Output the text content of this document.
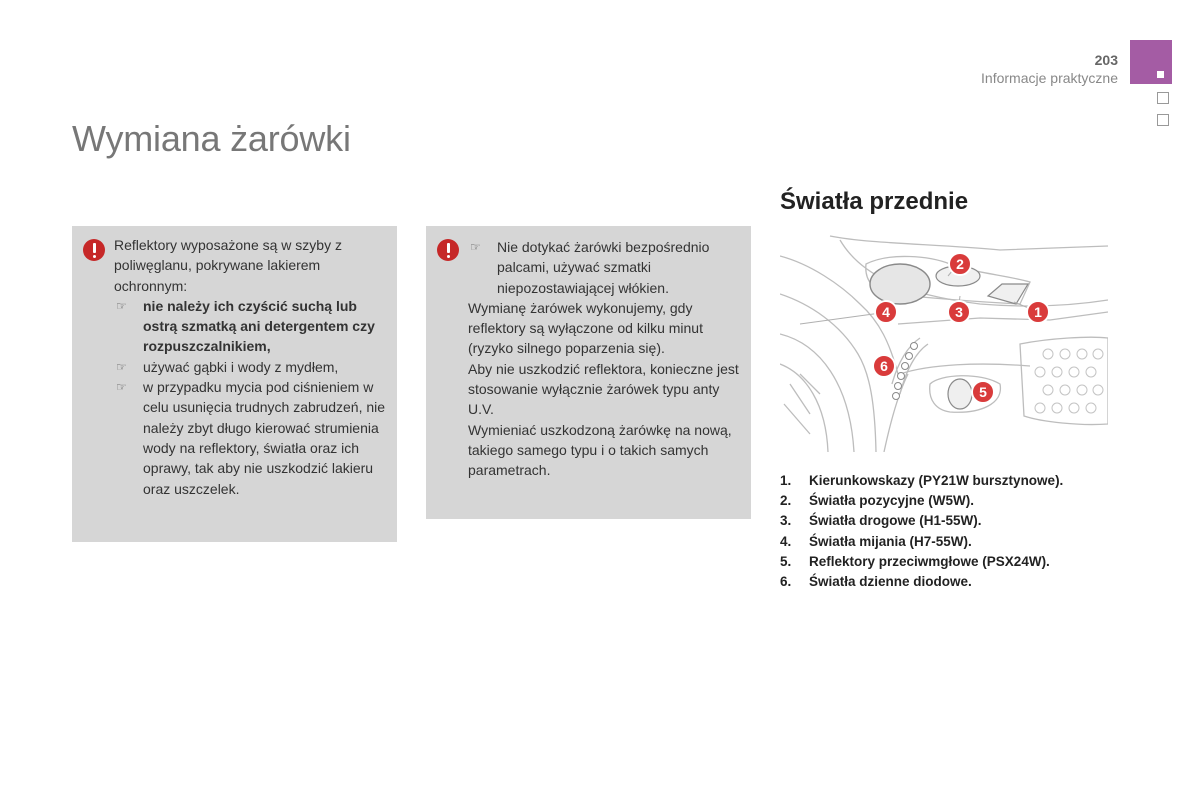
203
Informacje praktyczne
Wymiana żarówki

Reflektory wyposażone są w szyby z poliwęglanu, pokrywane lakierem ochronnym:

☞ nie należy ich czyścić suchą lub ostrą szmatką ani detergentem czy rozpuszczalnikiem,
☞ używać gąbki i wody z mydłem,
☞ w przypadku mycia pod ciśnieniem w celu usunięcia trudnych zabrudzeń, nie należy zbyt długo kierować strumienia wody na reflektory, światła oraz ich oprawy, tak aby nie uszkodzić lakieru oraz uszczelek.
☞ Nie dotykać żarówki bezpośrednio palcami, używać szmatki niepozostawiającej włókien.

Wymianę żarówek wykonujemy, gdy reflektory są wyłączone od kilku minut (ryzyko silnego poparzenia się).

Aby nie uszkodzić reflektora, konieczne jest stosowanie wyłącznie żarówek typu anty U.V.

Wymieniać uszkodzoną żarówkę na nową, takiego samego typu i o takich samych parametrach.

Światła przednie
2
4	3	1
6
5
1. Kierunkowskazy (PY21W bursztynowe).
2. Światła pozycyjne (W5W).
3. Światła drogowe (H1-55W).
4. Światła mijania (H7-55W).
5. Reflektory przeciwmgłowe (PSX24W).
6. Światła dzienne diodowe.
